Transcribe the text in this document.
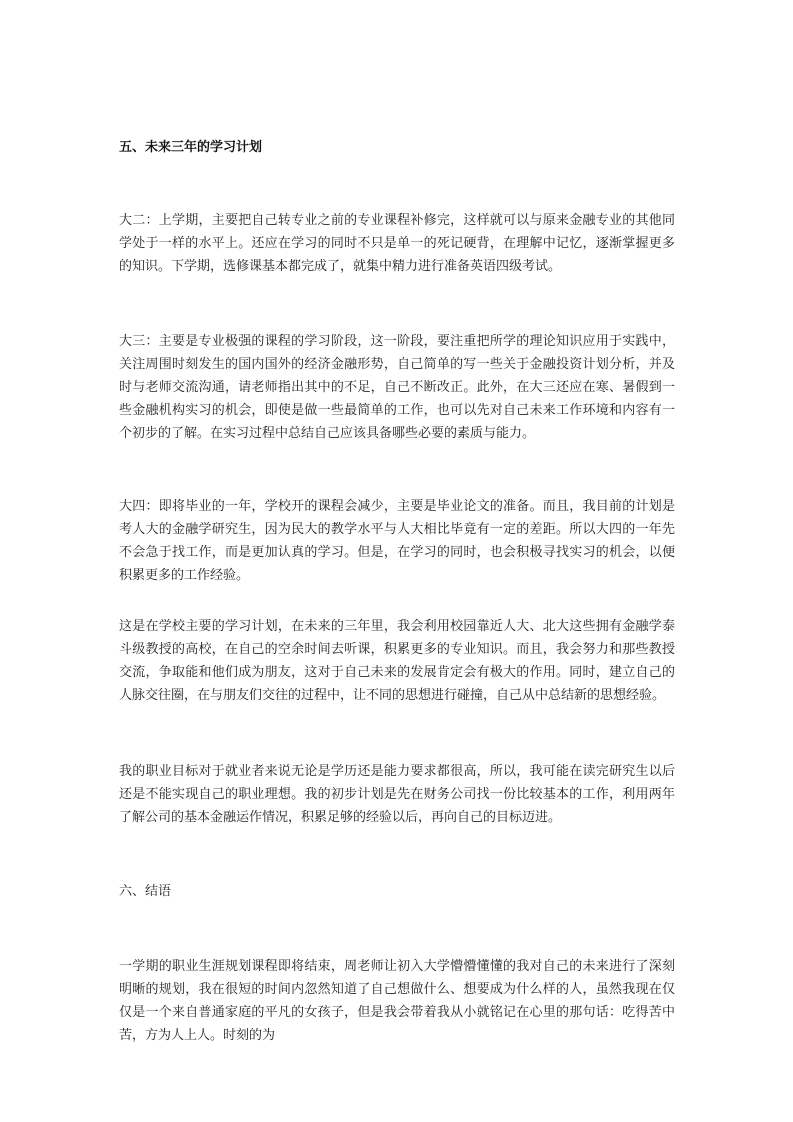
五、未来三年的学习计划

大二：上学期，主要把自己转专业之前的专业课程补修完，这样就可以与原来金融专业的其他同学处于一样的水平上。还应在学习的同时不只是单一的死记硬背，在理解中记忆，逐渐掌握更多的知识。下学期，选修课基本都完成了，就集中精力进行准备英语四级考试。

大三：主要是专业极强的课程的学习阶段，这一阶段，要注重把所学的理论知识应用于实践中，关注周围时刻发生的国内国外的经济金融形势，自己简单的写一些关于金融投资计划分析，并及时与老师交流沟通，请老师指出其中的不足，自己不断改正。此外，在大三还应在寒、暑假到一些金融机构实习的机会，即使是做一些最简单的工作，也可以先对自己未来工作环境和内容有一个初步的了解。在实习过程中总结自己应该具备哪些必要的素质与能力。

大四：即将毕业的一年，学校开的课程会减少，主要是毕业论文的准备。而且，我目前的计划是考人大的金融学研究生，因为民大的教学水平与人大相比毕竟有一定的差距。所以大四的一年先不会急于找工作，而是更加认真的学习。但是，在学习的同时，也会积极寻找实习的机会，以便积累更多的工作经验。

这是在学校主要的学习计划，在未来的三年里，我会利用校园靠近人大、北大这些拥有金融学泰斗级教授的高校，在自己的空余时间去听课，积累更多的专业知识。而且，我会努力和那些教授交流，争取能和他们成为朋友，这对于自己未来的发展肯定会有极大的作用。同时，建立自己的人脉交往圈，在与朋友们交往的过程中，让不同的思想进行碰撞，自己从中总结新的思想经验。

我的职业目标对于就业者来说无论是学历还是能力要求都很高，所以，我可能在读完研究生以后还是不能实现自己的职业理想。我的初步计划是先在财务公司找一份比较基本的工作，利用两年了解公司的基本金融运作情况，积累足够的经验以后，再向自己的目标迈进。

六、结语

一学期的职业生涯规划课程即将结束，周老师让初入大学懵懵懂懂的我对自己的未来进行了深刻明晰的规划，我在很短的时间内忽然知道了自己想做什么、想要成为什么样的人，虽然我现在仅仅是一个来自普通家庭的平凡的女孩子，但是我会带着我从小就铭记在心里的那句话：吃得苦中苦，方为人上人。时刻的为
